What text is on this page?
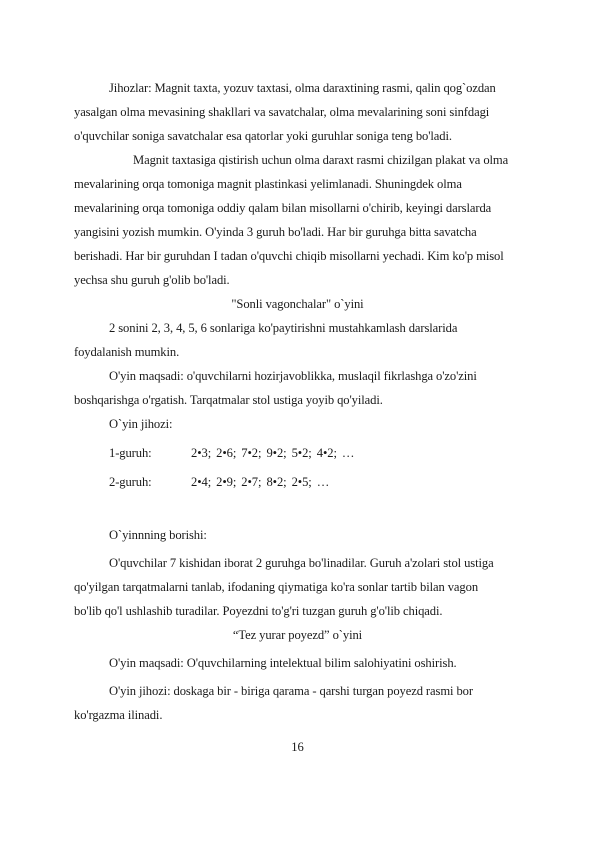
Jihozlar: Magnit taxta, yozuv taxtasi, olma daraxtining rasmi, qalin qog`ozdan
yasalgan olma mevasining shakllari va savatchalar, olma mevalarining soni sinfdagi
o'quvchilar soniga savatchalar esa qatorlar yoki guruhlar soniga teng bo'ladi.
Magnit taxtasiga qistirish uchun olma daraxt rasmi chizilgan plakat va olma
mevalarining orqa tomoniga magnit plastinkasi yelimlanadi. Shuningdek olma
mevalarining orqa tomoniga oddiy qalam bilan misollarni o'chirib, keyingi darslarda
yangisini yozish mumkin. O'yinda 3 guruh bo'ladi. Har bir guruhga bitta savatcha
berishadi. Har bir guruhdan I tadan o'quvchi chiqib misollarni yechadi. Kim ko'p misol
yechsa shu guruh g'olib bo'ladi.
"Sonli vagonchalar" o`yini
2 sonini 2, 3, 4, 5, 6 sonlariga ko'paytirishni mustahkamlash darslarida
foydalanish mumkin.
O'yin maqsadi: o'quvchilarni hozirjavoblikka, muslaqil fikrlashga o'zo'zini
boshqarishga o'rgatish. Tarqatmalar stol ustiga yoyib qo'yiladi.
O`yin jihozi:
1-guruh:	2•3; 2•6; 7•2; 9•2; 5•2; 4•2; …
2-guruh:	2•4; 2•9; 2•7; 8•2; 2•5; …
O`yinnning borishi:
O'quvchilar 7 kishidan iborat 2 guruhga bo'linadilar. Guruh a'zolari stol ustiga
qo'yilgan tarqatmalarni tanlab, ifodaning qiymatiga ko'ra sonlar tartib bilan vagon
bo'lib qo'l ushlashib turadilar. Poyezdni to'g'ri tuzgan guruh g'o'lib chiqadi.
“Tez yurar poyezd” o`yini
O'yin maqsadi: O'quvchilarning intelektual bilim salohiyatini oshirish.
O'yin jihozi: doskaga bir - biriga qarama - qarshi turgan poyezd rasmi bor
ko'rgazma ilinadi.
16
